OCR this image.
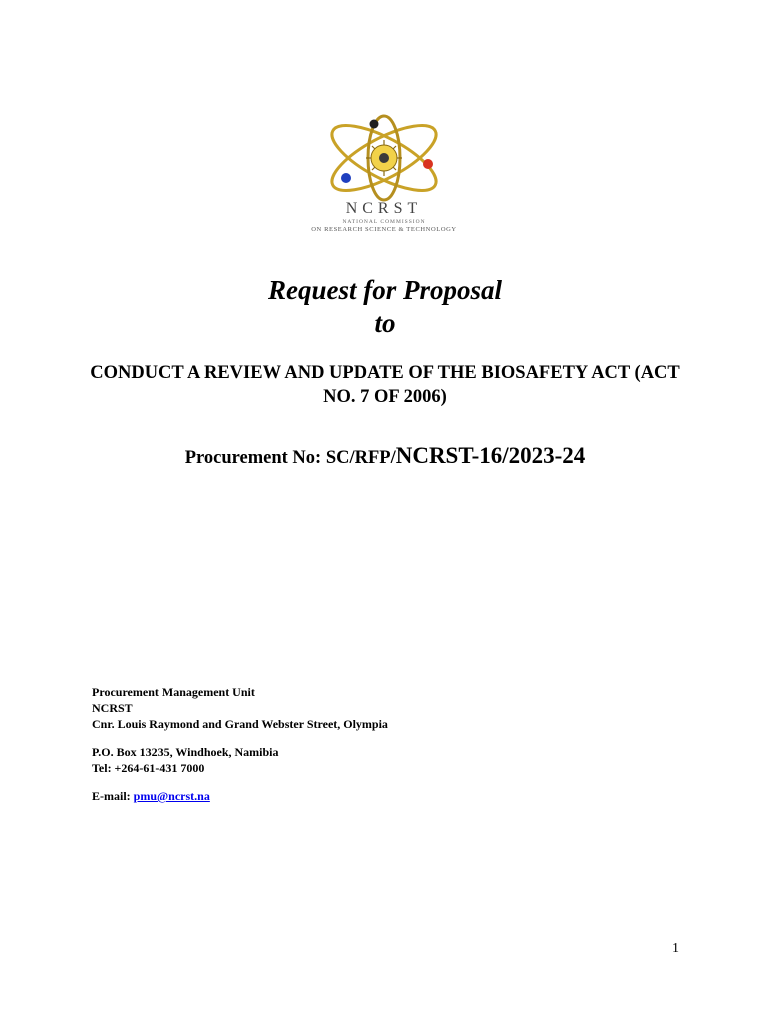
NCRST
NATIONAL COMMISSION
ON RESEARCH SCIENCE & TECHNOLOGY
Request for Proposal
to
CONDUCT A REVIEW AND UPDATE OF THE BIOSAFETY ACT (ACT NO. 7 OF 2006)
Procurement No: SC/RFP/NCRST-16/2023-24
Procurement Management Unit
NCRST
Cnr. Louis Raymond and Grand Webster Street, Olympia
P.O. Box 13235, Windhoek, Namibia
Tel: +264-61-431 7000
E-mail: pmu@ncrst.na
1
